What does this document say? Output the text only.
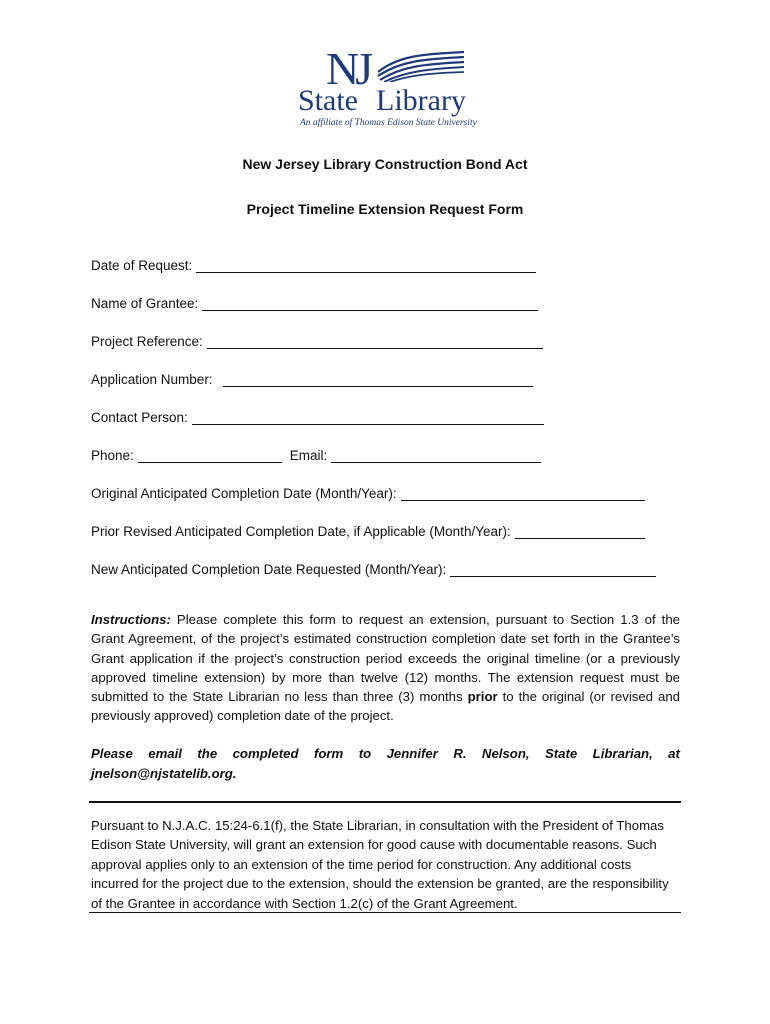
NJ
State Library
An affiliate of Thomas Edison State University
New Jersey Library Construction Bond Act
Project Timeline Extension Request Form
Date of Request:
Name of Grantee:
Project Reference:
Application Number:
Contact Person:
Phone:	Email:
Original Anticipated Completion Date (Month/Year):
Prior Revised Anticipated Completion Date, if Applicable (Month/Year):
New Anticipated Completion Date Requested (Month/Year):
Instructions: Please complete this form to request an extension, pursuant to Section 1.3 of the Grant Agreement, of the project’s estimated construction completion date set forth in the Grantee’s Grant application if the project’s construction period exceeds the original timeline (or a previously approved timeline extension) by more than twelve (12) months. The extension request must be submitted to the State Librarian no less than three (3) months prior to the original (or revised and previously approved) completion date of the project.
Please email the completed form to Jennifer R. Nelson, State Librarian, at
jnelson@njstatelib.org.
Pursuant to N.J.A.C. 15:24-6.1(f), the State Librarian, in consultation with the President of Thomas Edison State University, will grant an extension for good cause with documentable reasons. Such approval applies only to an extension of the time period for construction. Any additional costs incurred for the project due to the extension, should the extension be granted, are the responsibility of the Grantee in accordance with Section 1.2(c) of the Grant Agreement.
